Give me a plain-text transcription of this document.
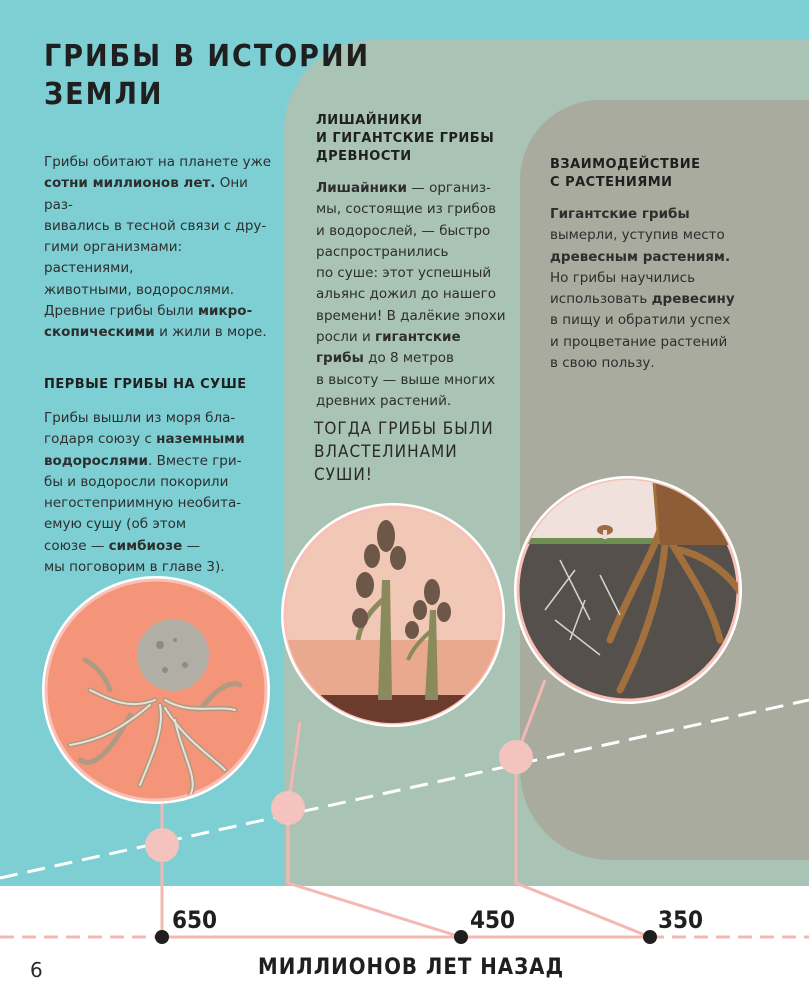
ГРИБЫ В ИСТОРИИ
ЗЕМЛИ
Грибы обитают на планете уже
сотни миллионов лет. Они раз-
вивались в тесной связи с дру-
гими организмами: растениями,
животными, водорослями.
Древние грибы были микро-
скопическими и жили в море.
ПЕРВЫЕ ГРИБЫ НА СУШЕ
Грибы вышли из моря бла-
годаря союзу с наземными
водорослями. Вместе гри-
бы и водоросли покорили
негостеприимную необита-
емую сушу (об этом
союзе — симбиозе —
мы поговорим в главе 3).
ЛИШАЙНИКИ
И ГИГАНТСКИЕ ГРИБЫ
ДРЕВНОСТИ
Лишайники — организ-
мы, состоящие из грибов
и водорослей, — быстро
распространились
по суше: этот успешный
альянс дожил до нашего
времени! В далёкие эпохи
росли и гигантские
грибы до 8 метров
в высоту — выше многих
древних растений.
ТОГДА ГРИБЫ БЫЛИ
ВЛАСТЕЛИНАМИ
СУШИ!
ВЗАИМОДЕЙСТВИЕ
С РАСТЕНИЯМИ
Гигантские грибы
вымерли, уступив место
древесным растениям.
Но грибы научились
использовать древесину
в пищу и обратили успех
и процветание растений
в свою пользу.
650	450	350
МИЛЛИОНОВ ЛЕТ НАЗАД
6
